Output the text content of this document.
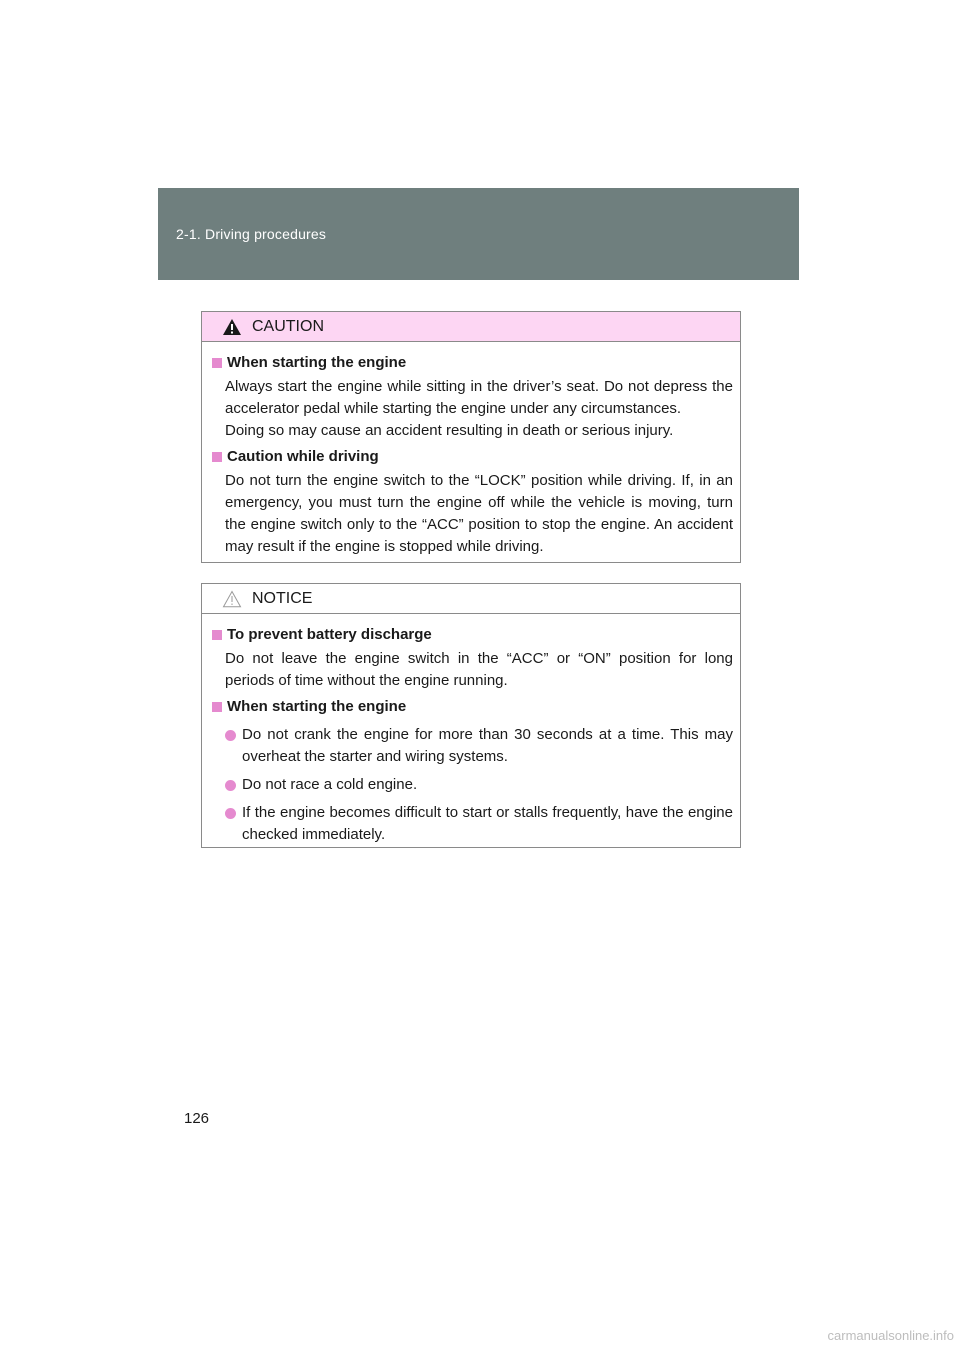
2-1. Driving procedures
CAUTION
When starting the engine
Always start the engine while sitting in the driver’s seat. Do not depress the accelerator pedal while starting the engine under any circumstances.
Doing so may cause an accident resulting in death or serious injury.
Caution while driving
Do not turn the engine switch to the “LOCK” position while driving. If, in an emergency, you must turn the engine off while the vehicle is moving, turn the engine switch only to the “ACC” position to stop the engine. An accident may result if the engine is stopped while driving.
NOTICE
To prevent battery discharge
Do not leave the engine switch in the “ACC” or “ON” position for long periods of time without the engine running.
When starting the engine
Do not crank the engine for more than 30 seconds at a time. This may overheat the starter and wiring systems.
Do not race a cold engine.
If the engine becomes difficult to start or stalls frequently, have the engine checked immediately.
126
carmanualsonline.info
